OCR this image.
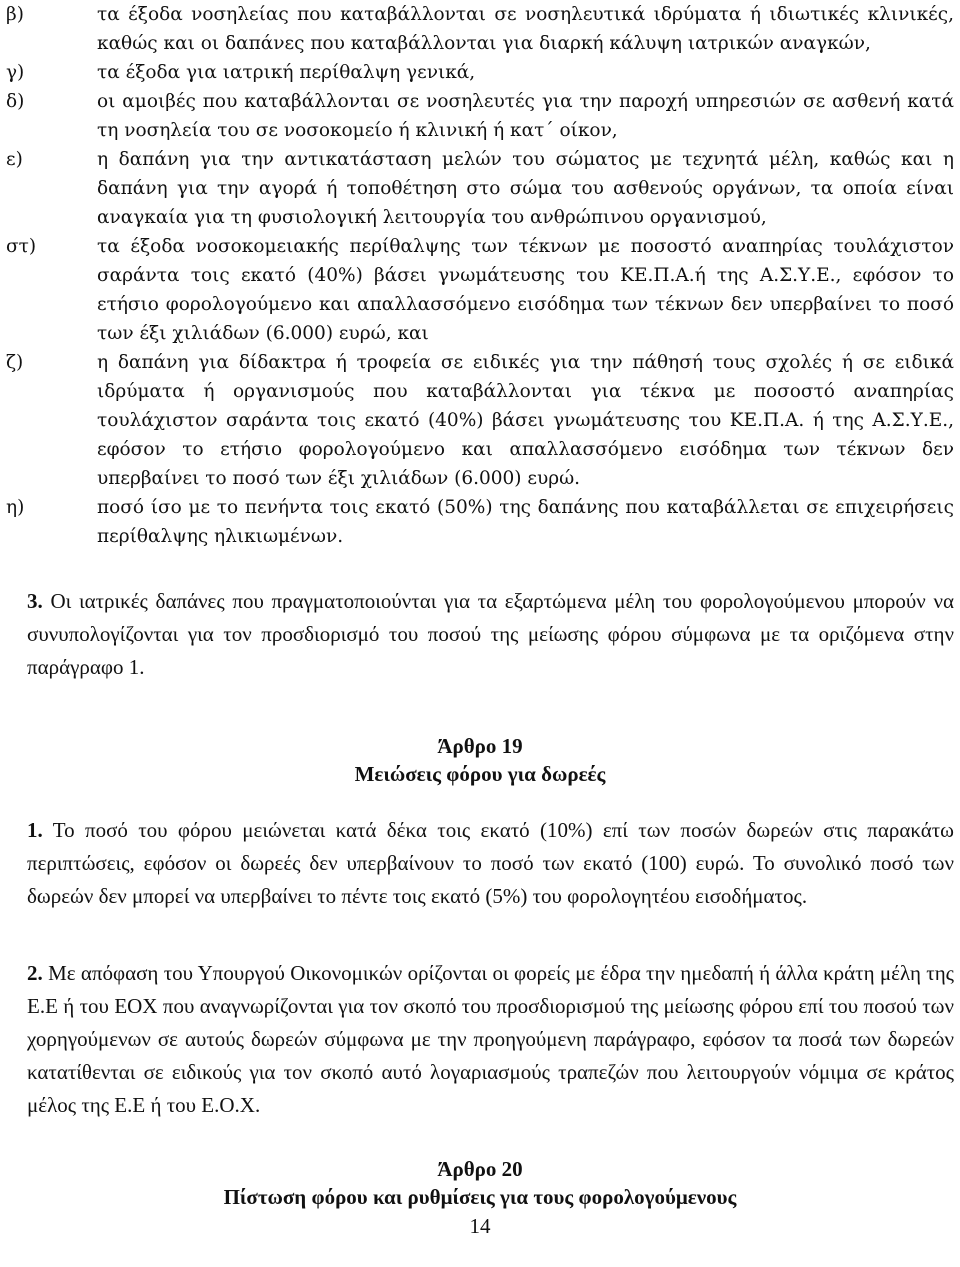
β)	τα έξοδα νοσηλείας που καταβάλλονται σε νοσηλευτικά ιδρύματα ή ιδιωτικές κλινικές, καθώς και οι δαπάνες που καταβάλλονται για διαρκή κάλυψη ιατρικών αναγκών,
γ)	τα έξοδα για ιατρική περίθαλψη γενικά,
δ)	οι αμοιβές που καταβάλλονται σε νοσηλευτές για την παροχή υπηρεσιών σε ασθενή κατά τη νοσηλεία του σε νοσοκομείο ή κλινική ή κατ΄ οίκον,
ε)	η δαπάνη για την αντικατάσταση μελών του σώματος με τεχνητά μέλη, καθώς και η δαπάνη για την αγορά ή τοποθέτηση στο σώμα του ασθενούς οργάνων, τα οποία είναι αναγκαία για τη φυσιολογική λειτουργία του ανθρώπινου οργανισμού,
στ)	τα έξοδα νοσοκομειακής περίθαλψης των τέκνων με ποσοστό αναπηρίας τουλάχιστον σαράντα τοις εκατό (40%) βάσει γνωμάτευσης του ΚΕ.Π.Α.ή της Α.Σ.Υ.Ε., εφόσον το ετήσιο φορολογούμενο και απαλλασσόμενο εισόδημα των τέκνων δεν υπερβαίνει το ποσό των έξι χιλιάδων (6.000) ευρώ, και
ζ)	η δαπάνη για δίδακτρα ή τροφεία σε ειδικές για την πάθησή τους σχολές ή σε ειδικά ιδρύματα ή οργανισμούς που καταβάλλονται για τέκνα με ποσοστό αναπηρίας τουλάχιστον σαράντα τοις εκατό (40%) βάσει γνωμάτευσης του ΚΕ.Π.Α. ή της Α.Σ.Υ.Ε., εφόσον το ετήσιο φορολογούμενο και απαλλασσόμενο εισόδημα των τέκνων δεν υπερβαίνει το ποσό των έξι χιλιάδων (6.000) ευρώ.
η)	ποσό ίσο με το πενήντα τοις εκατό (50%) της δαπάνης που καταβάλλεται σε επιχειρήσεις περίθαλψης ηλικιωμένων.
3. Οι ιατρικές δαπάνες που πραγματοποιούνται για τα εξαρτώμενα μέλη του φορολογούμενου μπορούν να συνυπολογίζονται για τον προσδιορισμό του ποσού της μείωσης φόρου σύμφωνα με τα οριζόμενα στην παράγραφο 1.
Άρθρο 19
Μειώσεις φόρου για δωρεές
1. Το ποσό του φόρου μειώνεται κατά δέκα τοις εκατό (10%) επί των ποσών δωρεών στις παρακάτω περιπτώσεις, εφόσον οι δωρεές δεν υπερβαίνουν το ποσό των εκατό (100) ευρώ. Το συνολικό ποσό των δωρεών δεν μπορεί να υπερβαίνει το πέντε τοις εκατό (5%) του φορολογητέου εισοδήματος.
2. Με απόφαση του Υπουργού Οικονομικών ορίζονται οι φορείς με έδρα την ημεδαπή ή άλλα κράτη μέλη της Ε.Ε ή του ΕΟΧ που αναγνωρίζονται για τον σκοπό του προσδιορισμού της μείωσης φόρου επί του ποσού των χορηγούμενων σε αυτούς δωρεών σύμφωνα με την προηγούμενη παράγραφο, εφόσον τα ποσά των δωρεών κατατίθενται σε ειδικούς για τον σκοπό αυτό λογαριασμούς τραπεζών που λειτουργούν νόμιμα σε κράτος μέλος της Ε.Ε ή του Ε.Ο.Χ.
Άρθρο 20
Πίστωση φόρου και ρυθμίσεις για τους φορολογούμενους
14
